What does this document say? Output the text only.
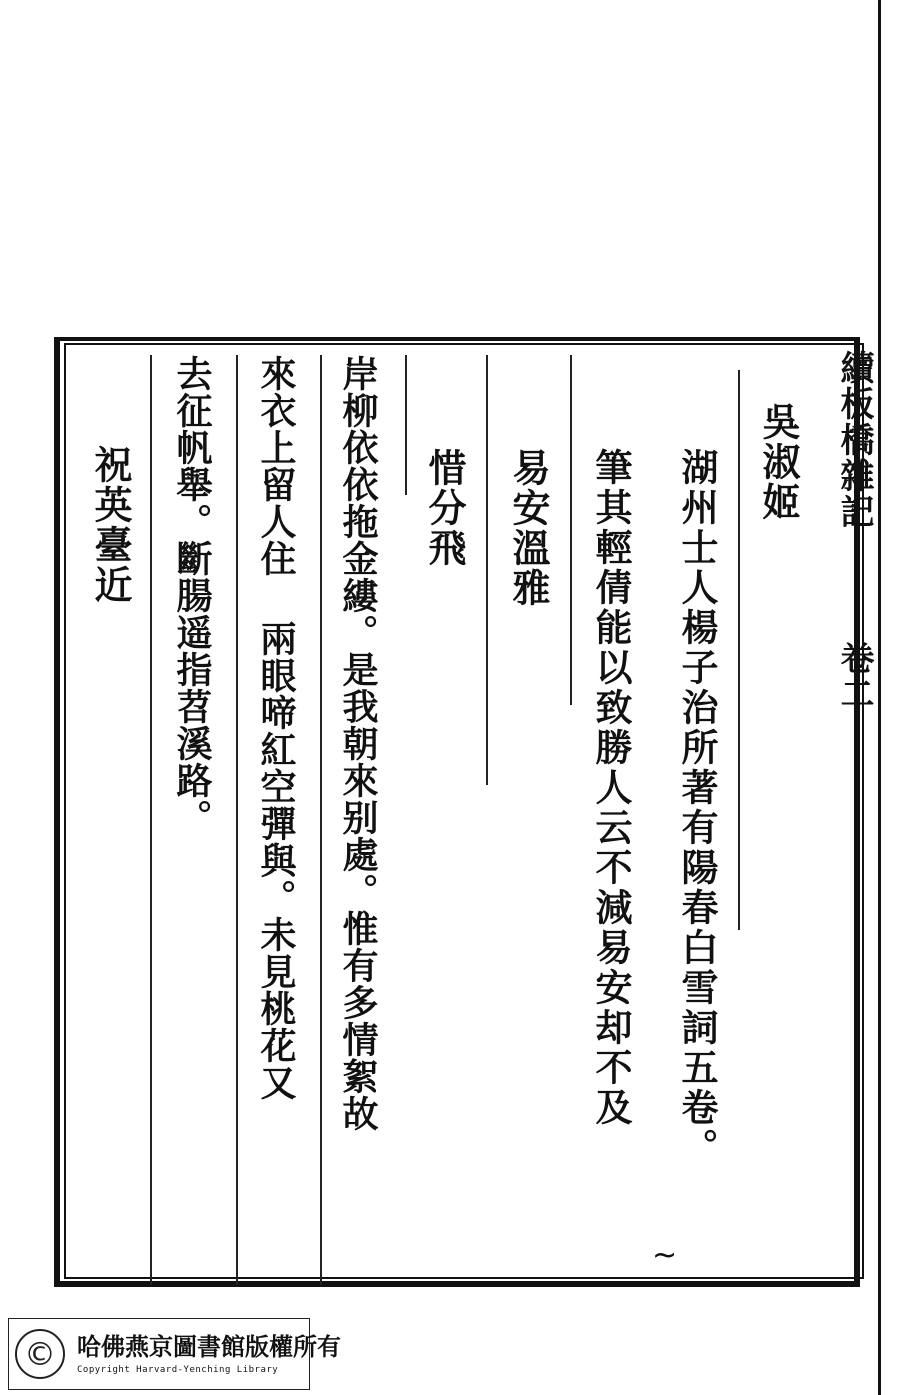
續板橋雜記
卷二
吳淑姬
湖州士人楊子治所著有陽春白雪詞五卷。
筆其輕倩能以致勝人云不減易安却不及
易安溫雅
惜分飛
岸柳依依拖金縷。是我朝來别處。惟有多情絮故
來衣上留人住 兩眼啼紅空彈與。未見桃花又
去征帆舉。斷腸遥指苕溪路。
祝英臺近
~
© 哈佛燕京圖書館版權所有
Copyright Harvard-Yenching Library
